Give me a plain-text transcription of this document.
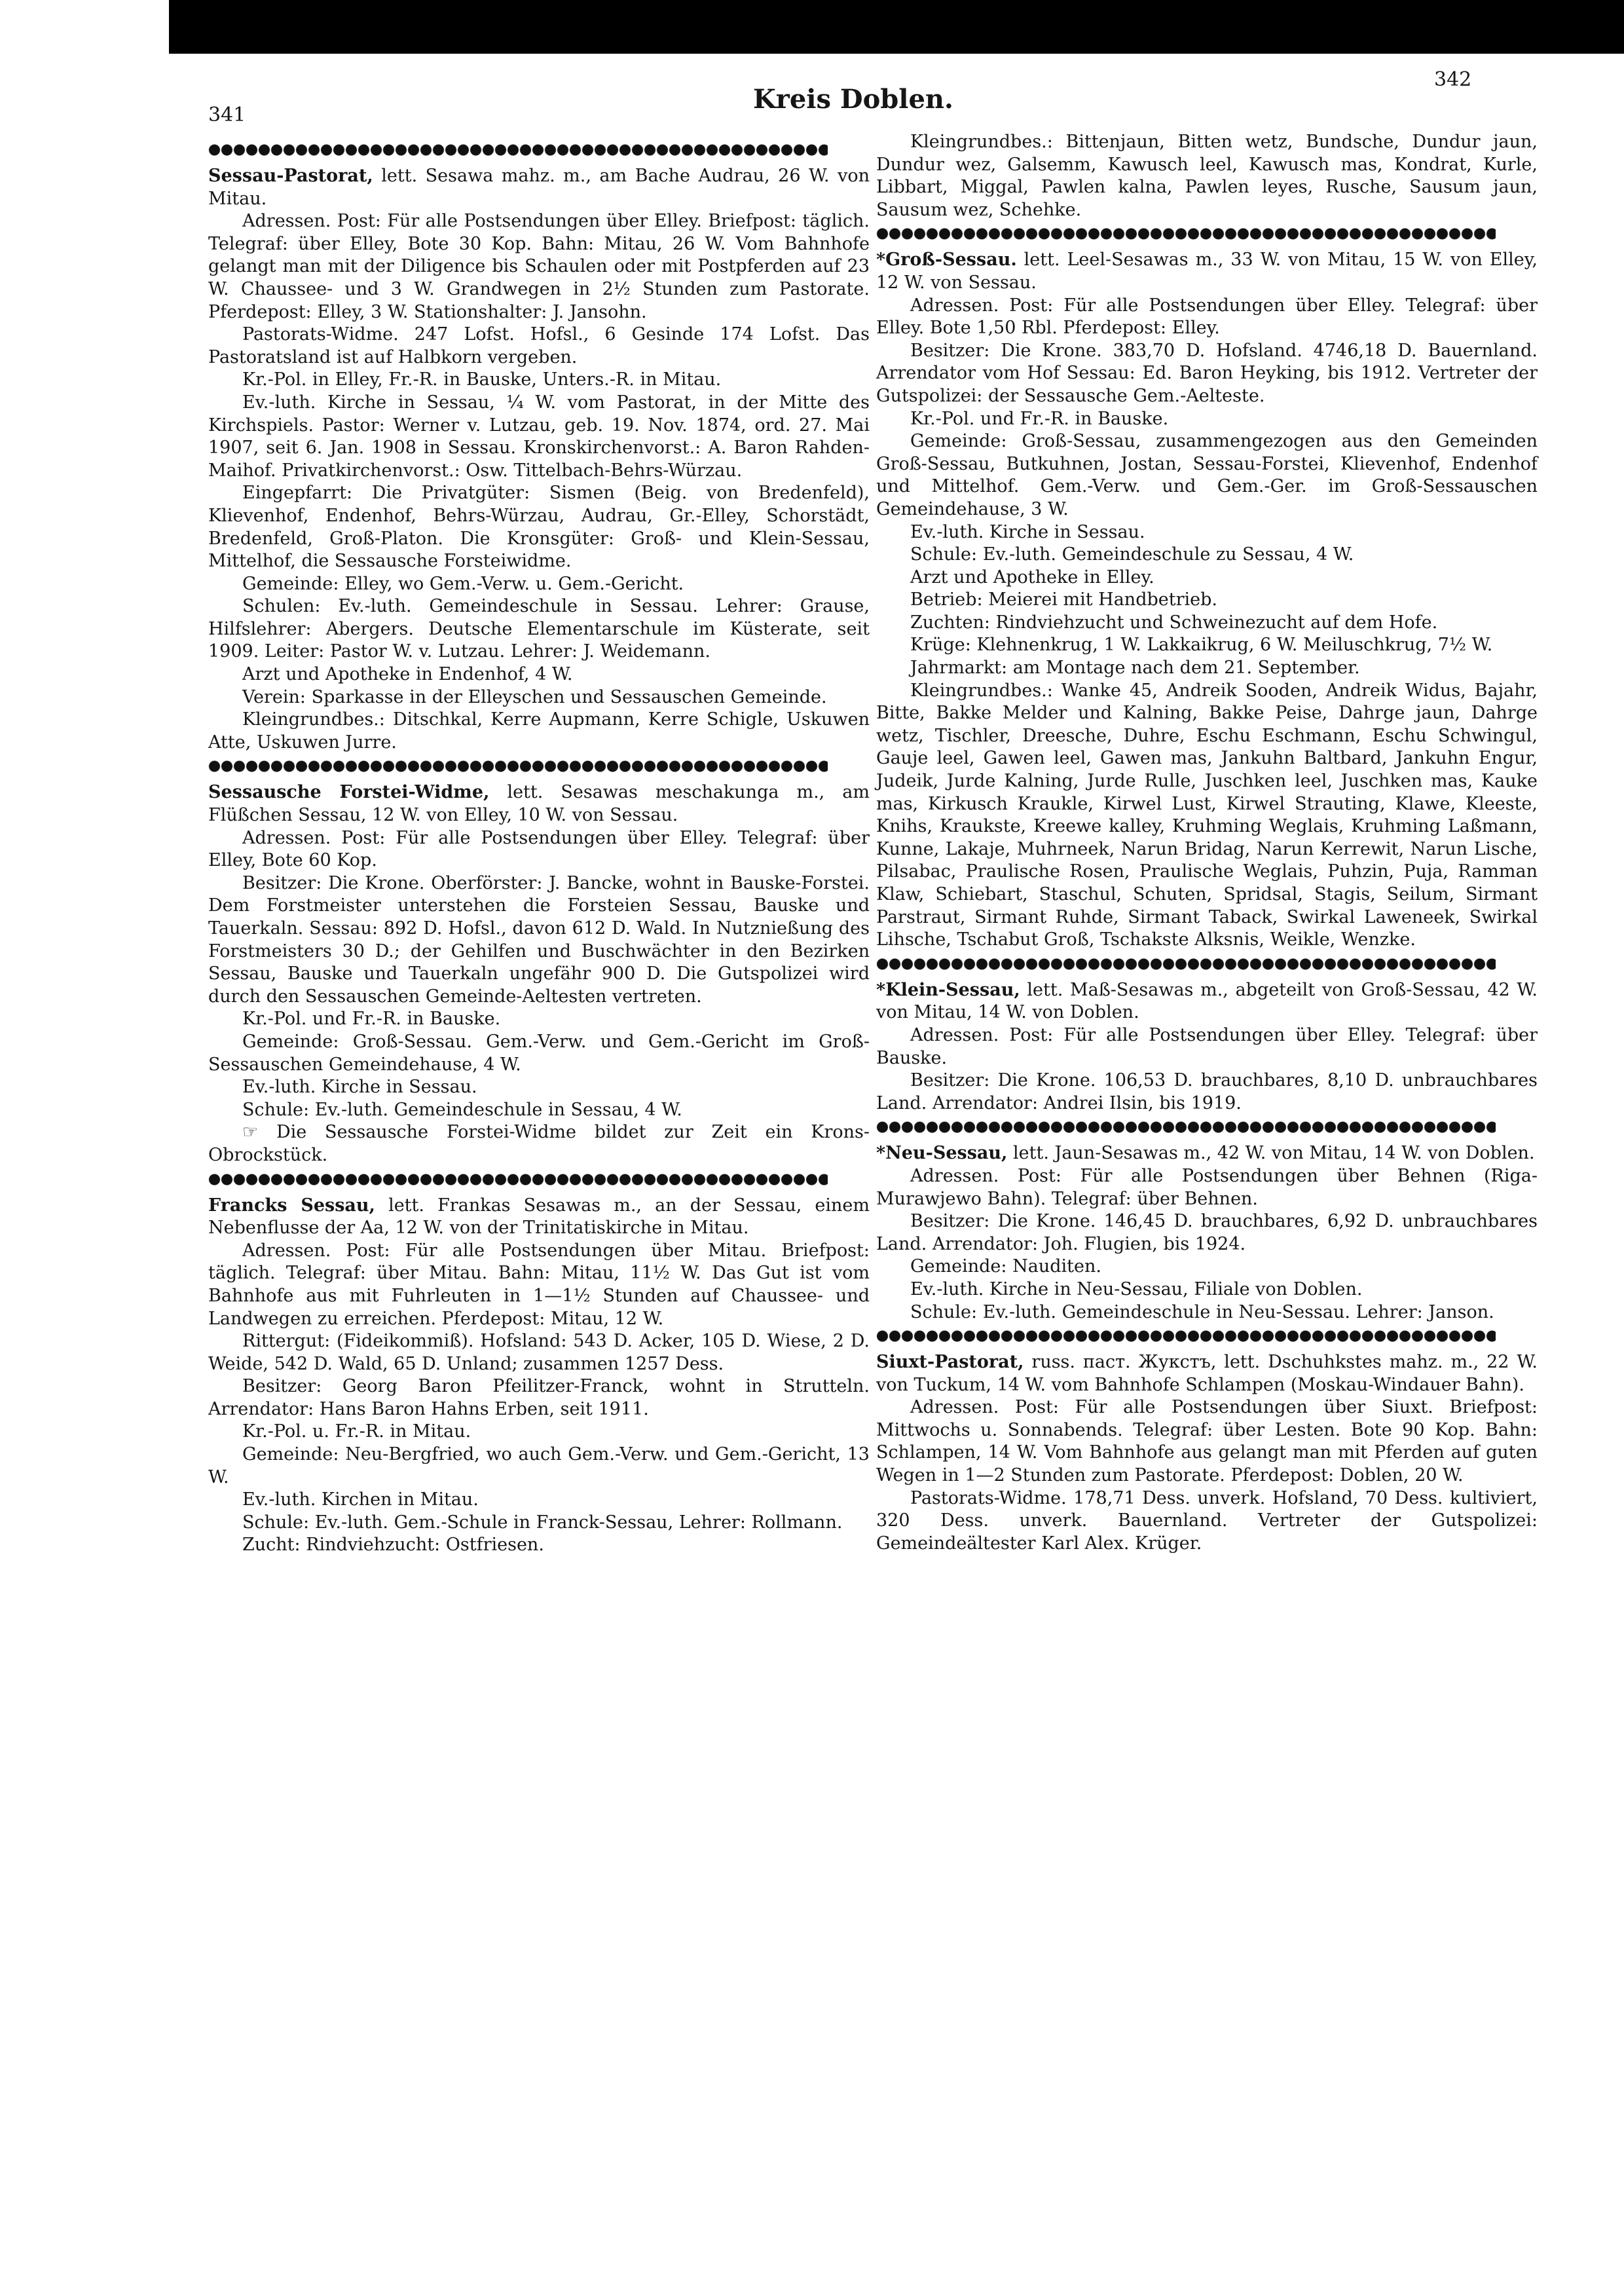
341
Kreis Doblen.
342

Sessau-Pastorat, lett. Sesawa mahz. m., am Bache Audrau, 26 W. von Mitau.

Adressen. Post: Für alle Postsendungen über Elley. Briefpost: täglich. Telegraf: über Elley, Bote 30 Kop. Bahn: Mitau, 26 W. Vom Bahnhofe gelangt man mit der Diligence bis Schaulen oder mit Postpferden auf 23 W. Chaussee- und 3 W. Grandwegen in 2½ Stunden zum Pastorate. Pferdepost: Elley, 3 W. Stationshalter: J. Jansohn.

Pastorats-Widme. 247 Lofst. Hofsl., 6 Gesinde 174 Lofst. Das Pastoratsland ist auf Halbkorn vergeben.

Kr.-Pol. in Elley, Fr.-R. in Bauske, Unters.-R. in Mitau.

Ev.-luth. Kirche in Sessau, ¼ W. vom Pastorat, in der Mitte des Kirchspiels. Pastor: Werner v. Lutzau, geb. 19. Nov. 1874, ord. 27. Mai 1907, seit 6. Jan. 1908 in Sessau. Kronskirchenvorst.: A. Baron Rahden-Maihof. Privatkirchenvorst.: Osw. Tittelbach-Behrs-Würzau.

Eingepfarrt: Die Privatgüter: Sismen (Beig. von Bredenfeld), Klievenhof, Endenhof, Behrs-Würzau, Audrau, Gr.-Elley, Schorstädt, Bredenfeld, Groß-Platon. Die Kronsgüter: Groß- und Klein-Sessau, Mittelhof, die Sessausche Forsteiwidme.

Gemeinde: Elley, wo Gem.-Verw. u. Gem.-Gericht.

Schulen: Ev.-luth. Gemeindeschule in Sessau. Lehrer: Grause, Hilfslehrer: Abergers. Deutsche Elementarschule im Küsterate, seit 1909. Leiter: Pastor W. v. Lutzau. Lehrer: J. Weidemann.

Arzt und Apotheke in Endenhof, 4 W.

Verein: Sparkasse in der Elleyschen und Sessauschen Gemeinde.

Kleingrundbes.: Ditschkal, Kerre Aupmann, Kerre Schigle, Uskuwen Atte, Uskuwen Jurre.

Sessausche Forstei-Widme, lett. Sesawas meschakunga m., am Flüßchen Sessau, 12 W. von Elley, 10 W. von Sessau.

Adressen. Post: Für alle Postsendungen über Elley. Telegraf: über Elley, Bote 60 Kop.

Besitzer: Die Krone. Oberförster: J. Bancke, wohnt in Bauske-Forstei. Dem Forstmeister unterstehen die Forsteien Sessau, Bauske und Tauerkaln. Sessau: 892 D. Hofsl., davon 612 D. Wald. In Nutznießung des Forstmeisters 30 D.; der Gehilfen und Buschwächter in den Bezirken Sessau, Bauske und Tauerkaln ungefähr 900 D. Die Gutspolizei wird durch den Sessauschen Gemeinde-Aeltesten vertreten.

Kr.-Pol. und Fr.-R. in Bauske.

Gemeinde: Groß-Sessau. Gem.-Verw. und Gem.-Gericht im Groß-Sessauschen Gemeindehause, 4 W.

Ev.-luth. Kirche in Sessau.

Schule: Ev.-luth. Gemeindeschule in Sessau, 4 W.

☞ Die Sessausche Forstei-Widme bildet zur Zeit ein Krons-Obrockstück.

Francks Sessau, lett. Frankas Sesawas m., an der Sessau, einem Nebenflusse der Aa, 12 W. von der Trinitatiskirche in Mitau.

Adressen. Post: Für alle Postsendungen über Mitau. Briefpost: täglich. Telegraf: über Mitau. Bahn: Mitau, 11½ W. Das Gut ist vom Bahnhofe aus mit Fuhrleuten in 1—1½ Stunden auf Chaussee- und Landwegen zu erreichen. Pferdepost: Mitau, 12 W.

Rittergut: (Fideikommiß). Hofsland: 543 D. Acker, 105 D. Wiese, 2 D. Weide, 542 D. Wald, 65 D. Unland; zusammen 1257 Dess.

Besitzer: Georg Baron Pfeilitzer-Franck, wohnt in Strutteln. Arrendator: Hans Baron Hahns Erben, seit 1911.

Kr.-Pol. u. Fr.-R. in Mitau.

Gemeinde: Neu-Bergfried, wo auch Gem.-Verw. und Gem.-Gericht, 13 W.

Ev.-luth. Kirchen in Mitau.

Schule: Ev.-luth. Gem.-Schule in Franck-Sessau, Lehrer: Rollmann.

Zucht: Rindviehzucht: Ostfriesen.

Kleingrundbes.: Bittenjaun, Bitten wetz, Bundsche, Dundur jaun, Dundur wez, Galsemm, Kawusch leel, Kawusch mas, Kondrat, Kurle, Libbart, Miggal, Pawlen kalna, Pawlen leyes, Rusche, Sausum jaun, Sausum wez, Schehke.

*Groß-Sessau. lett. Leel-Sesawas m., 33 W. von Mitau, 15 W. von Elley, 12 W. von Sessau.

Adressen. Post: Für alle Postsendungen über Elley. Telegraf: über Elley. Bote 1,50 Rbl. Pferdepost: Elley.

Besitzer: Die Krone. 383,70 D. Hofsland. 4746,18 D. Bauernland. Arrendator vom Hof Sessau: Ed. Baron Heyking, bis 1912. Vertreter der Gutspolizei: der Sessausche Gem.-Aelteste.

Kr.-Pol. und Fr.-R. in Bauske.

Gemeinde: Groß-Sessau, zusammengezogen aus den Gemeinden Groß-Sessau, Butkuhnen, Jostan, Sessau-Forstei, Klievenhof, Endenhof und Mittelhof. Gem.-Verw. und Gem.-Ger. im Groß-Sessauschen Gemeindehause, 3 W.

Ev.-luth. Kirche in Sessau.

Schule: Ev.-luth. Gemeindeschule zu Sessau, 4 W.

Arzt und Apotheke in Elley.

Betrieb: Meierei mit Handbetrieb.

Zuchten: Rindviehzucht und Schweinezucht auf dem Hofe.

Krüge: Klehnenkrug, 1 W. Lakkaikrug, 6 W. Meiluschkrug, 7½ W.

Jahrmarkt: am Montage nach dem 21. September.

Kleingrundbes.: Wanke 45, Andreik Sooden, Andreik Widus, Bajahr, Bitte, Bakke Melder und Kalning, Bakke Peise, Dahrge jaun, Dahrge wetz, Tischler, Dreesche, Duhre, Eschu Eschmann, Eschu Schwingul, Gauje leel, Gawen leel, Gawen mas, Jankuhn Baltbard, Jankuhn Engur, Judeik, Jurde Kalning, Jurde Rulle, Juschken leel, Juschken mas, Kauke mas, Kirkusch Kraukle, Kirwel Lust, Kirwel Strauting, Klawe, Kleeste, Knihs, Kraukste, Kreewe kalley, Kruhming Weglais, Kruhming Laßmann, Kunne, Lakaje, Muhrneek, Narun Bridag, Narun Kerrewit, Narun Lische, Pilsabac, Praulische Rosen, Praulische Weglais, Puhzin, Puja, Ramman Klaw, Schiebart, Staschul, Schuten, Spridsal, Stagis, Seilum, Sirmant Parstraut, Sirmant Ruhde, Sirmant Taback, Swirkal Laweneek, Swirkal Lihsche, Tschabut Groß, Tschakste Alksnis, Weikle, Wenzke.

*Klein-Sessau, lett. Maß-Sesawas m., abgeteilt von Groß-Sessau, 42 W. von Mitau, 14 W. von Doblen.

Adressen. Post: Für alle Postsendungen über Elley. Telegraf: über Bauske.

Besitzer: Die Krone. 106,53 D. brauchbares, 8,10 D. unbrauchbares Land. Arrendator: Andrei Ilsin, bis 1919.

*Neu-Sessau, lett. Jaun-Sesawas m., 42 W. von Mitau, 14 W. von Doblen.

Adressen. Post: Für alle Postsendungen über Behnen (Riga-Murawjewo Bahn). Telegraf: über Behnen.

Besitzer: Die Krone. 146,45 D. brauchbares, 6,92 D. unbrauchbares Land. Arrendator: Joh. Flugien, bis 1924.

Gemeinde: Nauditen.

Ev.-luth. Kirche in Neu-Sessau, Filiale von Doblen.

Schule: Ev.-luth. Gemeindeschule in Neu-Sessau. Lehrer: Janson.

Siuxt-Pastorat, russ. паст. Жукстъ, lett. Dschuhkstes mahz. m., 22 W. von Tuckum, 14 W. vom Bahnhofe Schlampen (Moskau-Windauer Bahn).

Adressen. Post: Für alle Postsendungen über Siuxt. Briefpost: Mittwochs u. Sonnabends. Telegraf: über Lesten. Bote 90 Kop. Bahn: Schlampen, 14 W. Vom Bahnhofe aus gelangt man mit Pferden auf guten Wegen in 1—2 Stunden zum Pastorate. Pferdepost: Doblen, 20 W.

Pastorats-Widme. 178,71 Dess. unverk. Hofsland, 70 Dess. kultiviert, 320 Dess. unverk. Bauernland. Vertreter der Gutspolizei: Gemeindeältester Karl Alex. Krüger.
